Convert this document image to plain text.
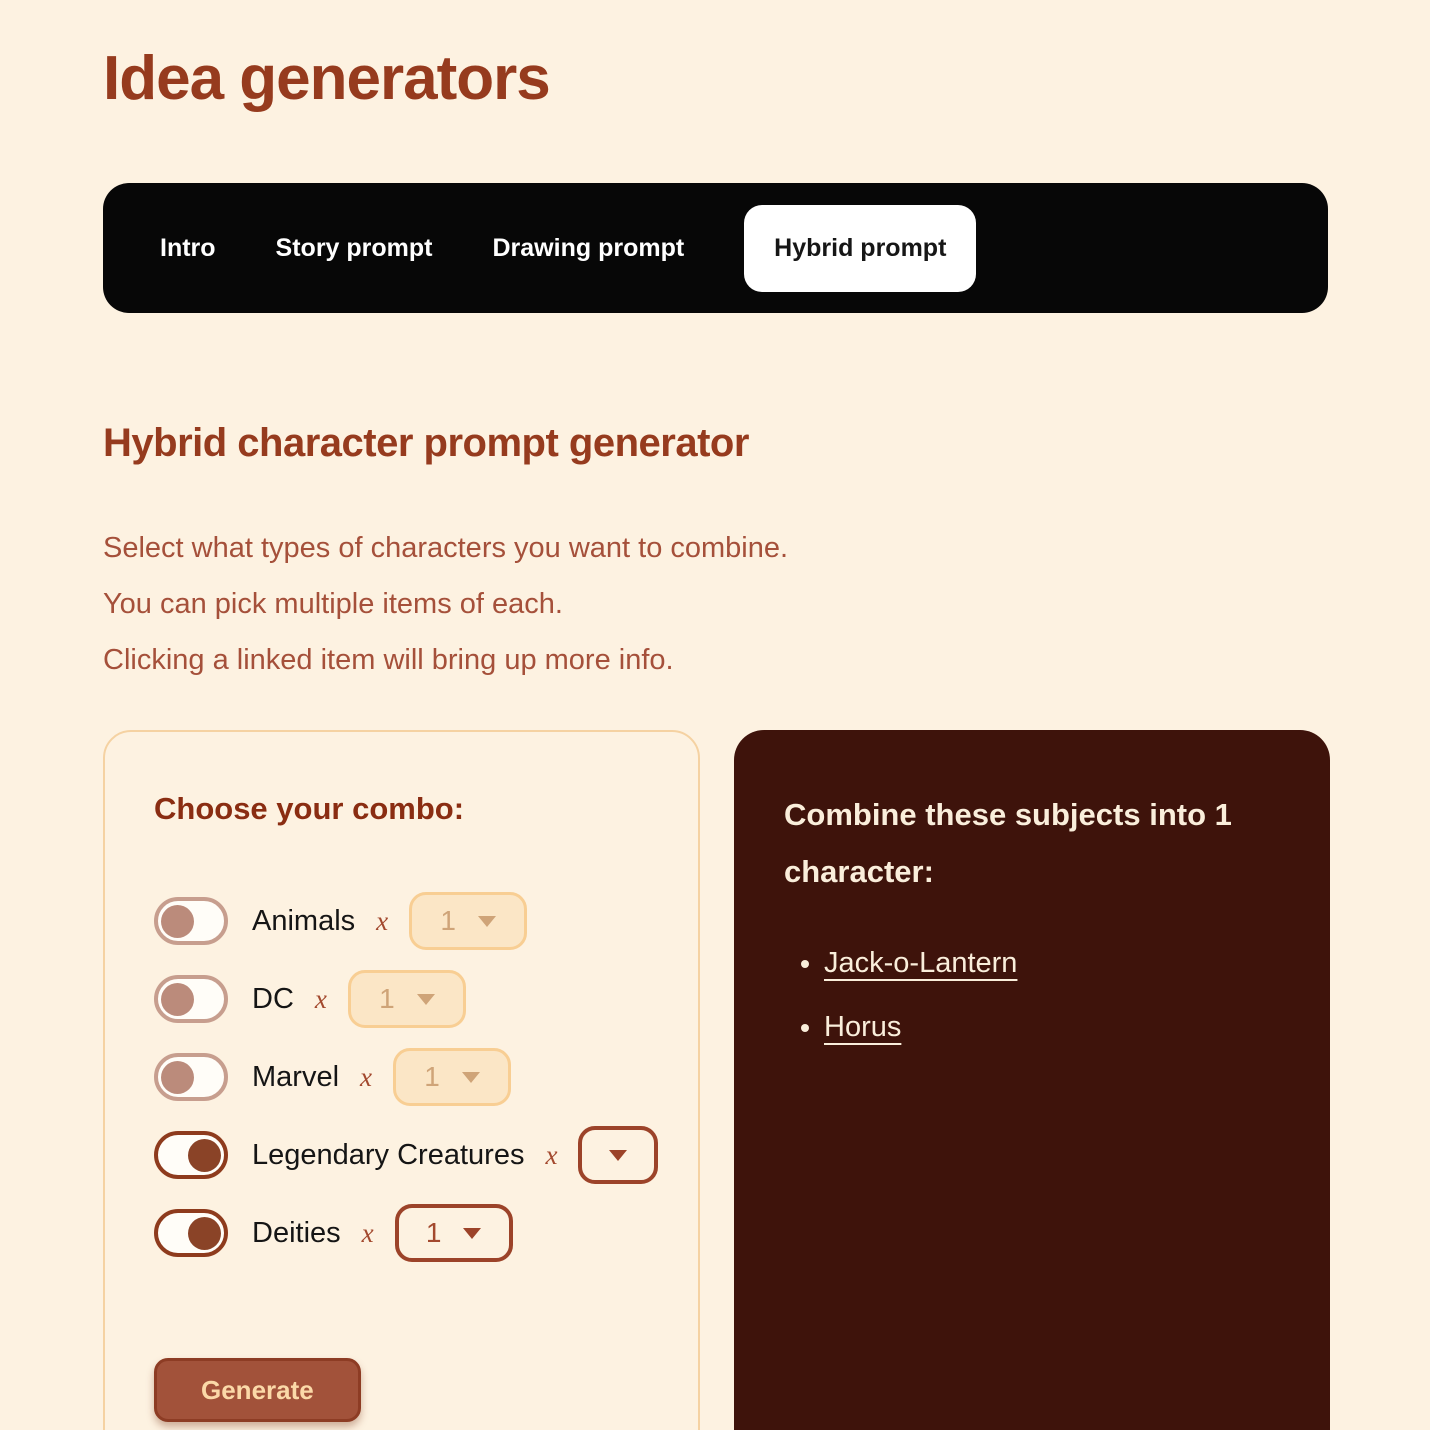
Idea generators
Intro Story prompt Drawing prompt	Hybrid prompt
Hybrid character prompt generator

Select what types of characters you want to combine.

You can pick multiple items of each.

Clicking a linked item will bring up more info.

Choose your combo:
Animals x 1
DC x 1
Marvel x 1
Legendary Creatures x
Deities x 1
Generate
Combine these subjects into 1 character:
• Jack-o-Lantern
• Horus
